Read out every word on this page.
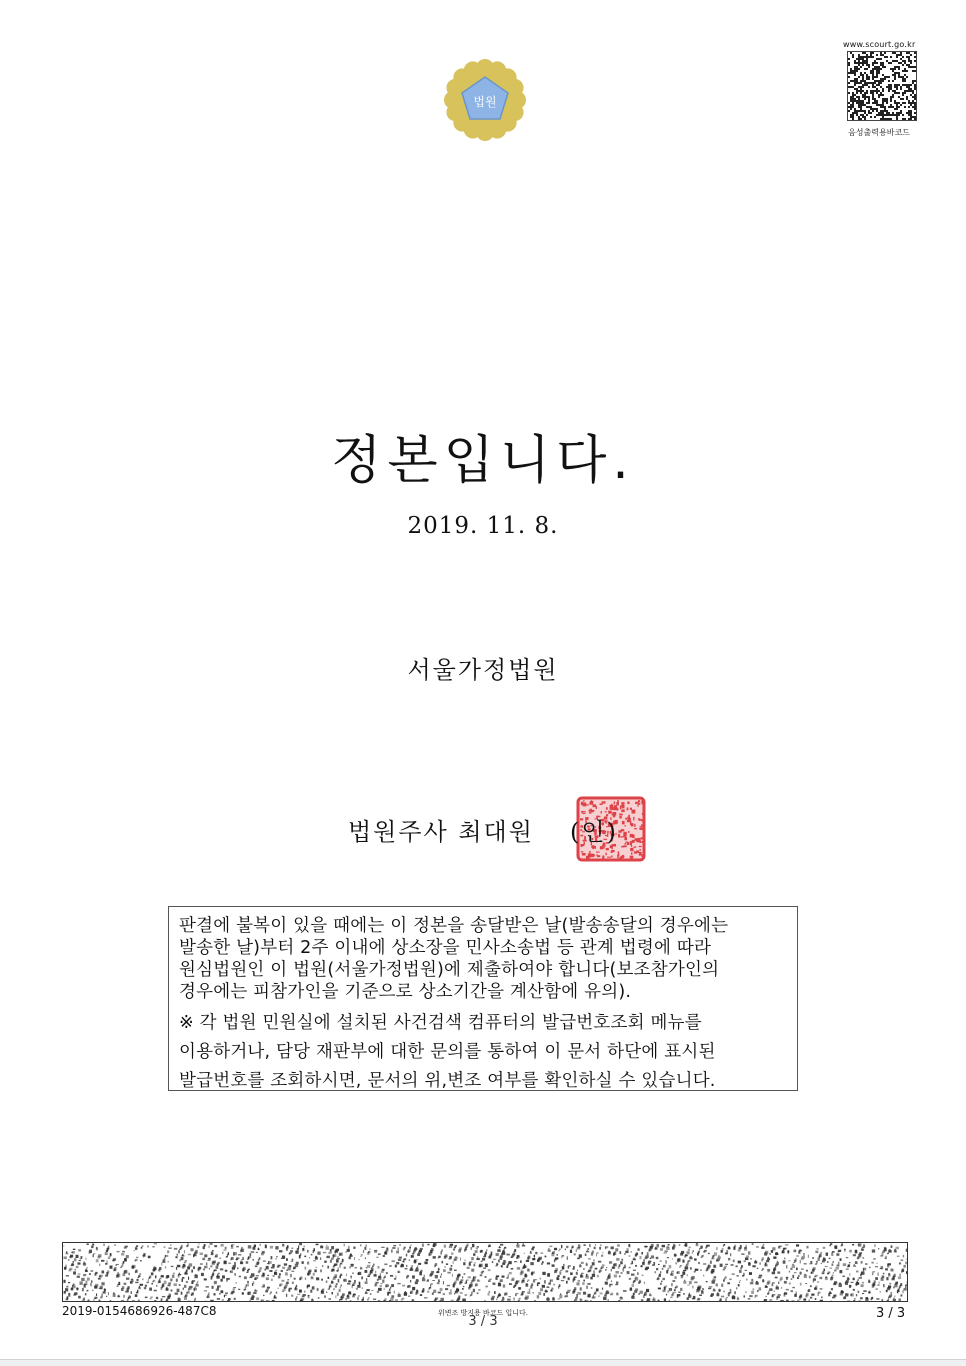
법원
www.scourt.go.kr
음성출력용바코드
정본입니다.
2019. 11. 8.
서울가정법원
법원주사 최대원 (인)

판결에 불복이 있을 때에는 이 정본을 송달받은 날(발송송달의 경우에는

발송한 날)부터 2주 이내에 상소장을 민사소송법 등 관계 법령에 따라

원심법원인 이 법원(서울가정법원)에 제출하여야 합니다(보조참가인의

경우에는 피참가인을 기준으로 상소기간을 계산함에 유의).

※ 각 법원 민원실에 설치된 사건검색 컴퓨터의 발급번호조회 메뉴를

이용하거나, 담당 재판부에 대한 문의를 통하여 이 문서 하단에 표시된

발급번호를 조회하시면, 문서의 위,변조 여부를 확인하실 수 있습니다.

2019-0154686926-487C8	위변조 방지용 바코드 입니다.
3 / 3
3 / 3
